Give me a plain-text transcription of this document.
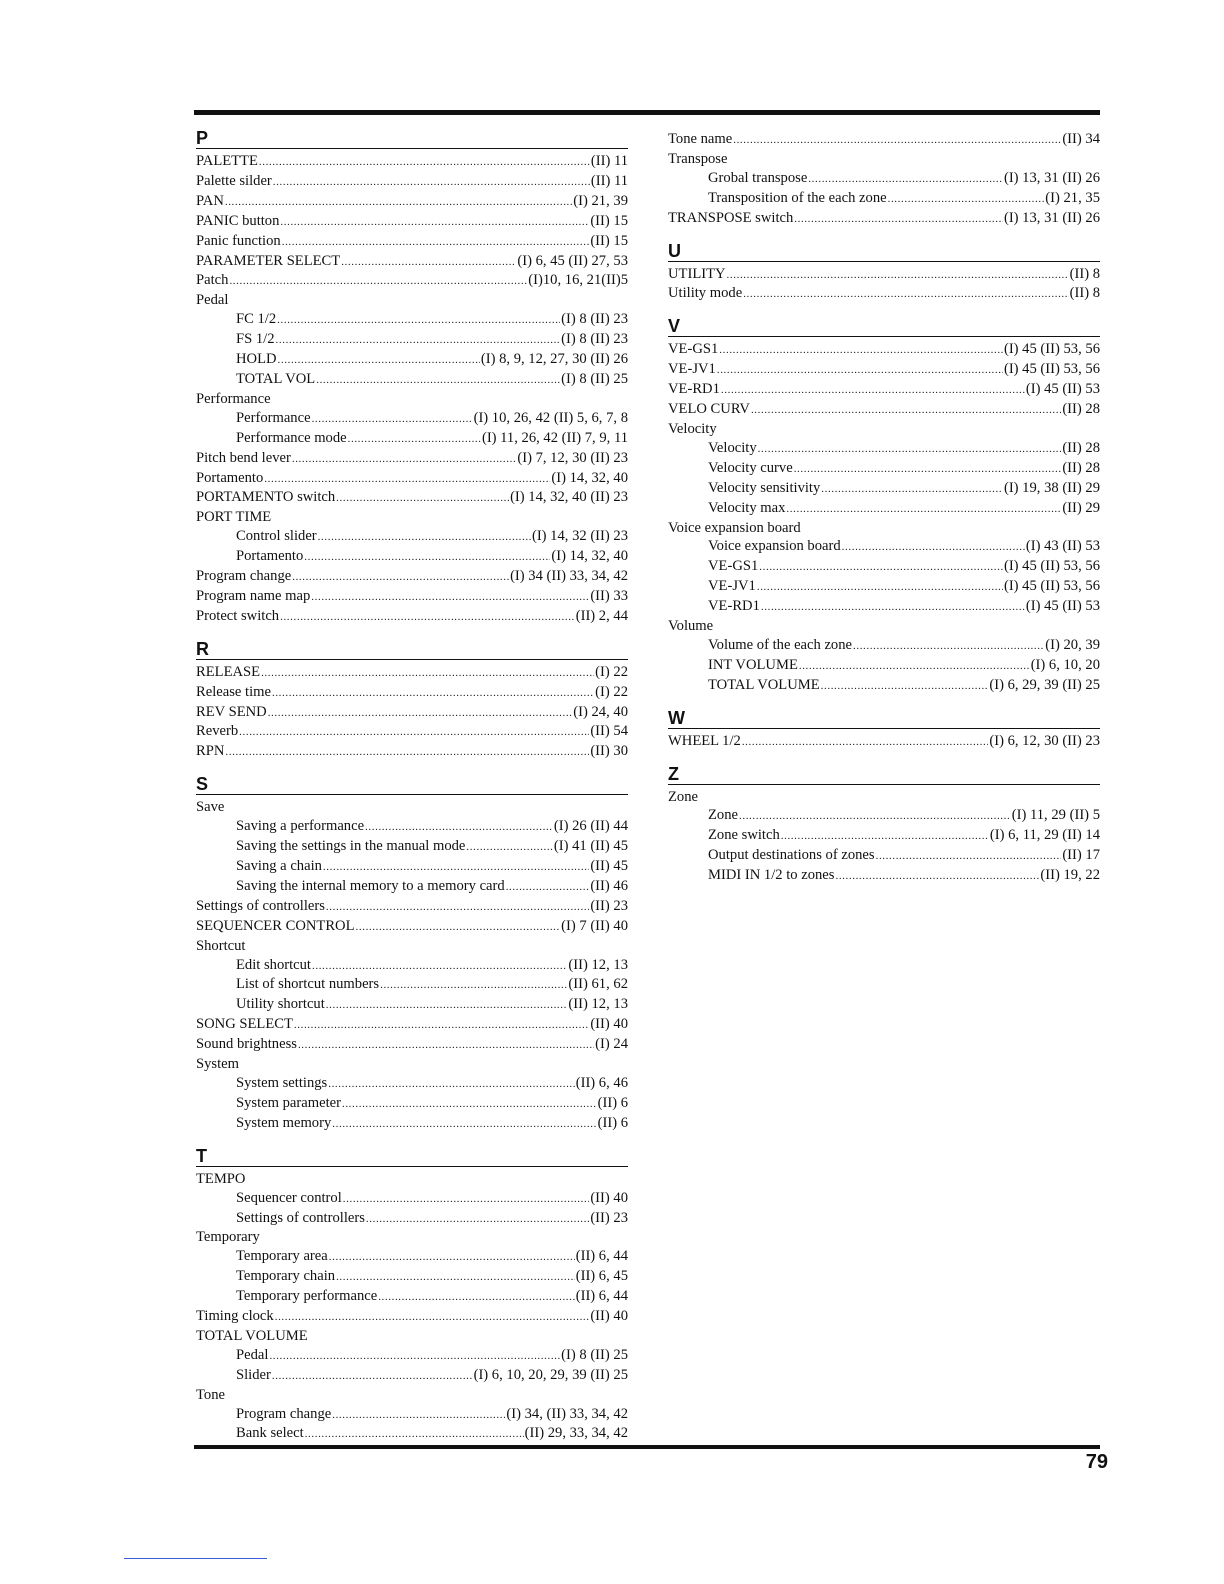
P
PALETTE .....	(II) 11
Palette silder .....	(II) 11
PAN .....	(I) 21, 39
PANIC button .....	(II) 15
Panic function .....	(II) 15
PARAMETER SELECT .....	(I) 6, 45 (II) 27, 53
Patch .....	(I)10, 16, 21(II)5
Pedal
FC 1/2 .....	(I) 8 (II) 23
FS 1/2 .....	(I) 8 (II) 23
HOLD .....	(I) 8, 9, 12, 27, 30 (II) 26
TOTAL VOL .....	(I) 8 (II) 25
Performance
Performance .....	(I) 10, 26, 42 (II) 5, 6, 7, 8
Performance mode .....	(I) 11, 26, 42 (II) 7, 9, 11
Pitch bend lever .....	(I) 7, 12, 30 (II) 23
Portamento .....	(I) 14, 32, 40
PORTAMENTO switch .....	(I) 14, 32, 40 (II) 23
PORT TIME
Control slider .....	(I) 14, 32 (II) 23
Portamento .....	(I) 14, 32, 40
Program change .....	(I) 34 (II) 33, 34, 42
Program name map .....	(II) 33
Protect switch .....	(II) 2, 44
R
RELEASE .....	(I) 22
Release time .....	(I) 22
REV SEND .....	(I) 24, 40
Reverb .....	(II) 54
RPN .....	(II) 30
S
Save
Saving a performance .....	(I) 26 (II) 44
Saving the settings in the manual mode .....	(I) 41 (II) 45
Saving a chain .....	(II) 45
Saving the internal memory to a memory card .....	(II) 46
Settings of controllers .....	(II) 23
SEQUENCER CONTROL .....	(I) 7 (II) 40
Shortcut
Edit shortcut .....	(II) 12, 13
List of shortcut numbers .....	(II) 61, 62
Utility shortcut .....	(II) 12, 13
SONG SELECT .....	(II) 40
Sound brightness .....	(I) 24
System
System settings .....	(II) 6, 46
System parameter .....	(II) 6
System memory .....	(II) 6
T
TEMPO
Sequencer control .....	(II) 40
Settings of controllers .....	(II) 23
Temporary
Temporary area .....	(II) 6, 44
Temporary chain .....	(II) 6, 45
Temporary performance .....	(II) 6, 44
Timing clock .....	(II) 40
TOTAL VOLUME
Pedal .....	(I) 8 (II) 25
Slider .....	(I) 6, 10, 20, 29, 39 (II) 25
Tone
Program change .....	(I) 34, (II) 33, 34, 42
Bank select .....	(II) 29, 33, 34, 42
Tone name .....	(II) 34
Transpose
Grobal transpose .....	(I) 13, 31 (II) 26
Transposition of the each zone .....	(I) 21, 35
TRANSPOSE switch .....	(I) 13, 31 (II) 26
U
UTILITY .....	(II) 8
Utility mode .....	(II) 8
V
VE-GS1 .....	(I) 45 (II) 53, 56
VE-JV1 .....	(I) 45 (II) 53, 56
VE-RD1 .....	(I) 45 (II) 53
VELO CURV .....	(II) 28
Velocity
Velocity .....	(II) 28
Velocity curve .....	(II) 28
Velocity sensitivity .....	(I) 19, 38 (II) 29
Velocity max .....	(II) 29
Voice expansion board
Voice expansion board .....	(I) 43 (II) 53
VE-GS1 .....	(I) 45 (II) 53, 56
VE-JV1 .....	(I) 45 (II) 53, 56
VE-RD1 .....	(I) 45 (II) 53
Volume
Volume of the each zone .....	(I) 20, 39
INT VOLUME .....	(I) 6, 10, 20
TOTAL VOLUME .....	(I) 6, 29, 39 (II) 25
W
WHEEL 1/2 .....	(I) 6, 12, 30 (II) 23
Z
Zone
Zone .....	(I) 11, 29 (II) 5
Zone switch .....	(I) 6, 11, 29 (II) 14
Output destinations of zones .....	(II) 17
MIDI IN 1/2 to zones .....	(II) 19, 22
79
